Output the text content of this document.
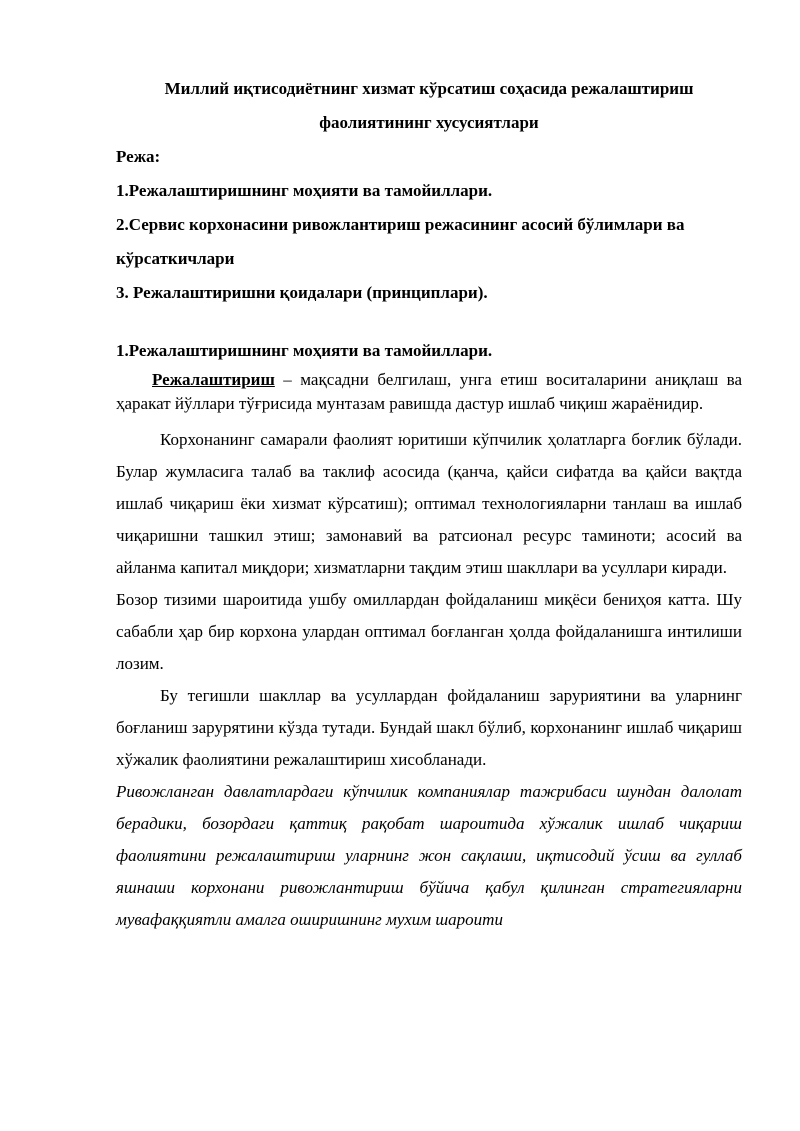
Миллий иқтисодиётнинг хизмат кўрсатиш соҳасида режалаштириш
фаолиятининг хусусиятлари

Режа:

1.Режалаштиришнинг моҳияти ва тамойиллари.

2.Сервис корхонасини ривожлантириш режасининг асосий бўлимлари ва кўрсаткичлари

3. Режалаштиришни қоидалари (принциплари).

1.Режалаштиришнинг моҳияти ва тамойиллари.

Режалаштириш – мақсадни белгилаш, унга етиш воситаларини аниқлаш ва ҳаракат йўллари тўғрисида мунтазам равишда дастур ишлаб чиқиш жараёнидир.

Корхонанинг самарали фаолият юритиши кўпчилик ҳолатларга боғлик бўлади. Булар жумласига талаб ва таклиф асосида (қанча, қайси сифатда ва қайси вақтда ишлаб чиқариш ёки хизмат кўрсатиш); оптимал технологияларни танлаш ва ишлаб чиқаришни ташкил этиш; замонавий ва ратсионал ресурс таминоти; асосий ва айланма капитал миқдори; хизматларни тақдим этиш шакллари ва усуллари киради.

Бозор тизими шароитида ушбу омиллардан фойдаланиш миқёси бениҳоя катта. Шу сабабли ҳар бир корхона улардан оптимал боғланган ҳолда фойдаланишга интилиши лозим.

Бу тегишли шакллар ва усуллардан фойдаланиш заруриятини ва уларнинг боғланиш зарурятини кўзда тутади. Бундай шакл бўлиб, корхонанинг ишлаб чиқариш хўжалик фаолиятини режалаштириш хисобланади.

Ривожланган давлатлардаги кўпчилик компаниялар тажрибаси шундан далолат берадики, бозордаги қаттиқ рақобат шароитида хўжалик ишлаб чиқариш фаолиятини режалаштириш уларнинг жон сақлаши, иқтисодий ўсиш ва гуллаб яшнаши корхонани ривожлантириш бўйича қабул қилинган стратегияларни мувафаққиятли амалга оширишнинг мухим шароити
